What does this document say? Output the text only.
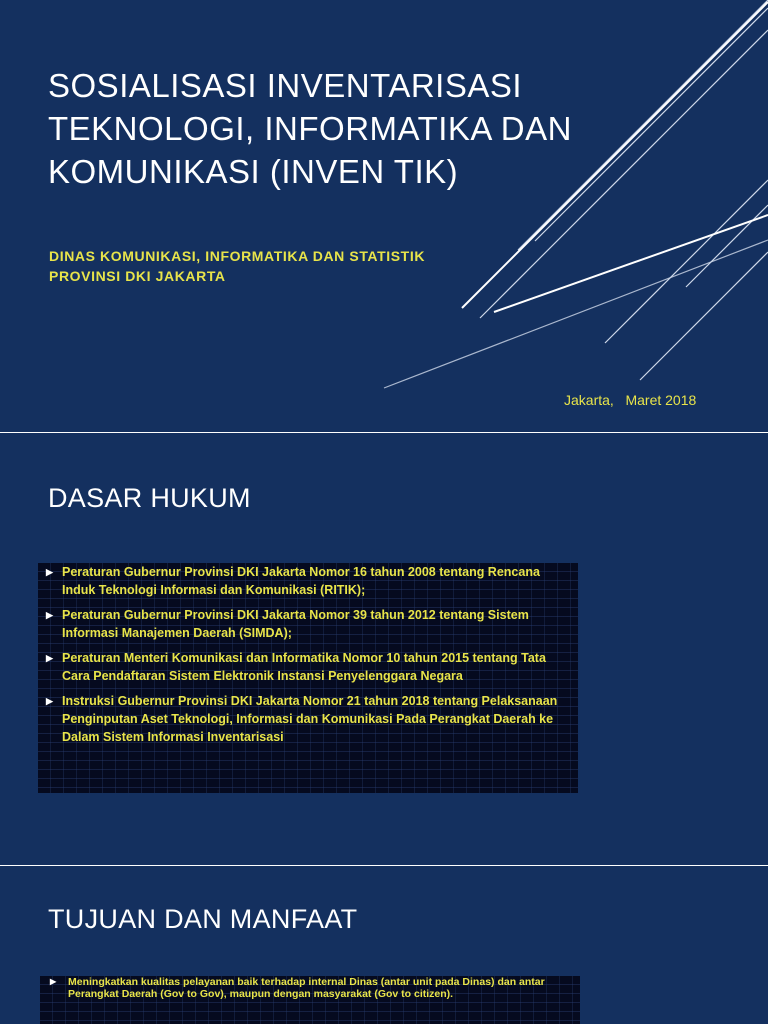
SOSIALISASI INVENTARISASI TEKNOLOGI, INFORMATIKA DAN KOMUNIKASI (INVEN TIK)

DINAS KOMUNIKASI, INFORMATIKA DAN STATISTIK PROVINSI DKI JAKARTA

Jakarta,   Maret 2018
DASAR HUKUM
▶ Peraturan Gubernur Provinsi DKI Jakarta Nomor 16 tahun 2008 tentang Rencana Induk Teknologi Informasi dan Komunikasi (RITIK);
▶ Peraturan Gubernur Provinsi DKI Jakarta Nomor 39 tahun 2012 tentang Sistem Informasi Manajemen Daerah (SIMDA);
▶ Peraturan Menteri Komunikasi dan Informatika Nomor 10 tahun 2015 tentang Tata Cara Pendaftaran Sistem Elektronik Instansi Penyelenggara Negara
▶ Instruksi Gubernur Provinsi DKI Jakarta Nomor 21 tahun 2018 tentang Pelaksanaan Penginputan Aset Teknologi, Informasi dan Komunikasi Pada Perangkat Daerah ke Dalam Sistem Informasi Inventarisasi
TUJUAN DAN MANFAAT
▶ Meningkatkan kualitas pelayanan baik terhadap internal Dinas (antar unit pada Dinas) dan antar Perangkat Daerah (Gov to Gov), maupun dengan masyarakat (Gov to citizen).
